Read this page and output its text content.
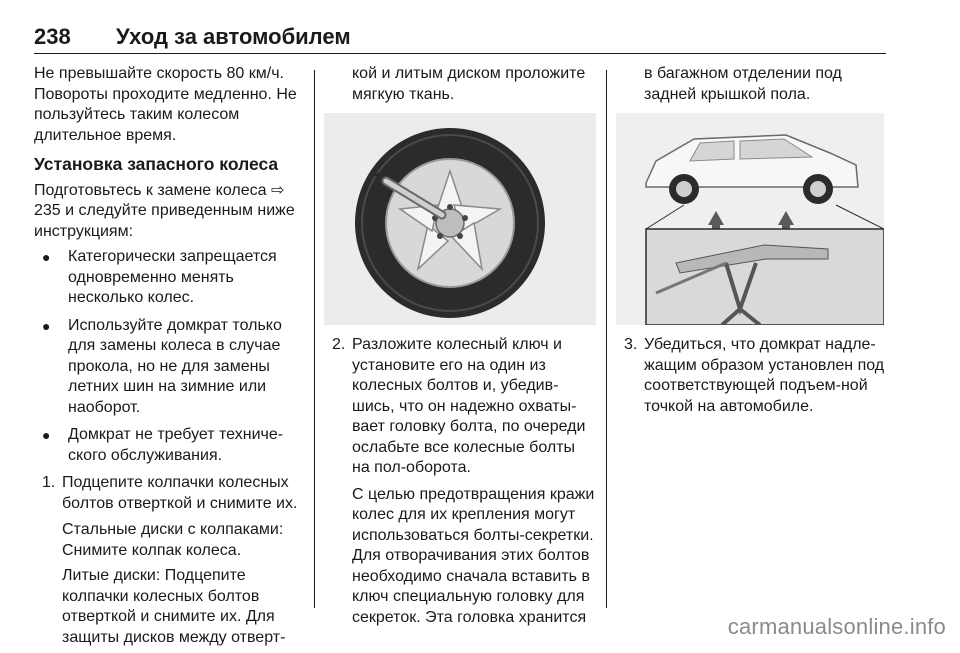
238	Уход за автомобилем

Не превышайте скорость 80 км/ч. Повороты проходите медленно. Не пользуйтесь таким колесом длительное время.

Установка запасного колеса

Подготовьтесь к замене колеса ⇨ 235 и следуйте приведенным ниже инструкциям:

●	Категорически запрещается одновременно менять несколько колес.
●	Используйте домкрат только для замены колеса в случае прокола, но не для замены летних шин на зимние или наоборот.
●	Домкрат не требует техниче-ского обслуживания.
1. Подцепите колпачки колесных болтов отверткой и снимите их.

Стальные диски с колпаками: Снимите колпак колеса.

Литые диски: Подцепите колпачки колесных болтов отверткой и снимите их. Для защиты дисков между отверт-

кой и литым диском проложите мягкую ткань.

2. Разложите колесный ключ и установите его на один из колесных болтов и, убедив-шись, что он надежно охваты-вает головку болта, по очереди ослабьте все колесные болты на пол-оборота.

С целью предотвращения кражи колес для их крепления могут использоваться болты-секретки. Для отворачивания этих болтов необходимо сначала вставить в ключ специальную головку для секреток. Эта головка хранится

в багажном отделении под задней крышкой пола.

3. Убедиться, что домкрат надле-жащим образом установлен под соответствующей подъем-ной точкой на автомобиле.
carmanualsonline.info
